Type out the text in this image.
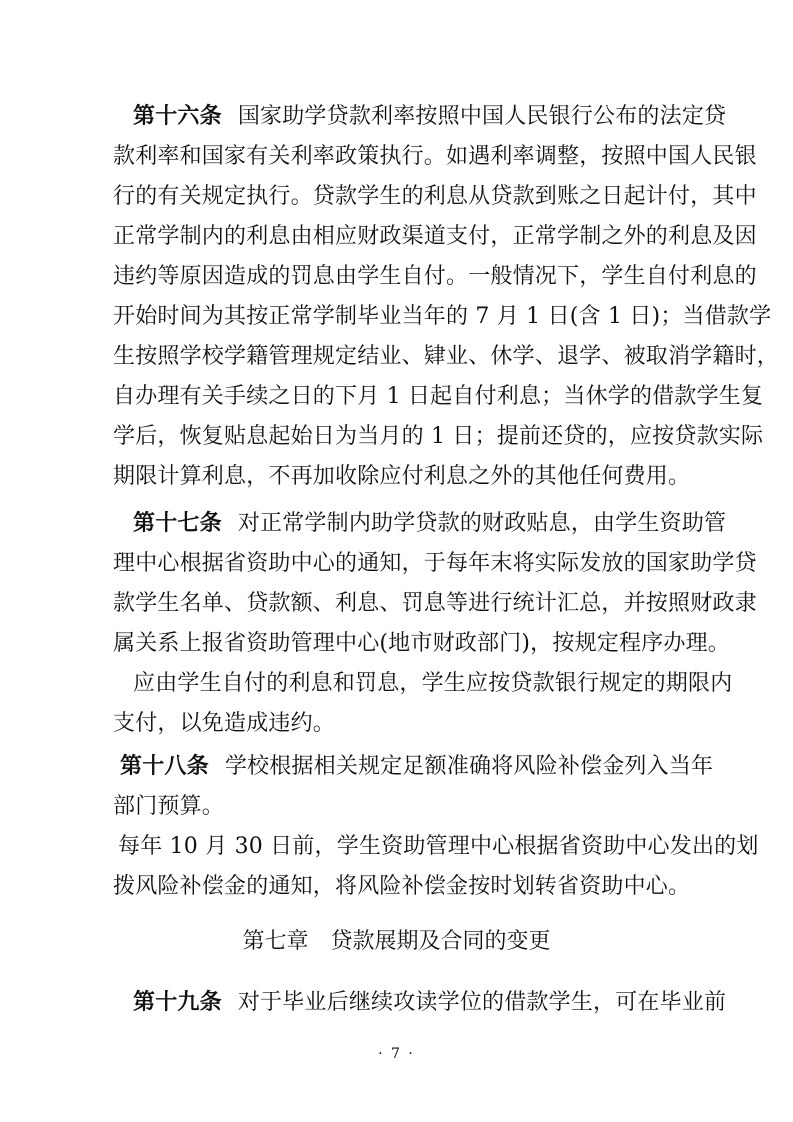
第十六条 国家助学贷款利率按照中国人民银行公布的法定贷
款利率和国家有关利率政策执行。如遇利率调整，按照中国人民银
行的有关规定执行。贷款学生的利息从贷款到账之日起计付，其中
正常学制内的利息由相应财政渠道支付，正常学制之外的利息及因
违约等原因造成的罚息由学生自付。一般情况下，学生自付利息的
开始时间为其按正常学制毕业当年的 7 月 1 日(含 1 日)；当借款学
生按照学校学籍管理规定结业、肄业、休学、退学、被取消学籍时，
自办理有关手续之日的下月 1 日起自付利息；当休学的借款学生复
学后，恢复贴息起始日为当月的 1 日；提前还贷的，应按贷款实际
期限计算利息，不再加收除应付利息之外的其他任何费用。
第十七条 对正常学制内助学贷款的财政贴息，由学生资助管
理中心根据省资助中心的通知，于每年末将实际发放的国家助学贷
款学生名单、贷款额、利息、罚息等进行统计汇总，并按照财政隶
属关系上报省资助管理中心(地市财政部门)，按规定程序办理。
应由学生自付的利息和罚息，学生应按贷款银行规定的期限内
支付，以免造成违约。
第十八条 学校根据相关规定足额准确将风险补偿金列入当年
部门预算。
每年 10 月 30 日前，学生资助管理中心根据省资助中心发出的划
拨风险补偿金的通知，将风险补偿金按时划转省资助中心。
第七章 贷款展期及合同的变更
第十九条 对于毕业后继续攻读学位的借款学生，可在毕业前
· 7 ·
